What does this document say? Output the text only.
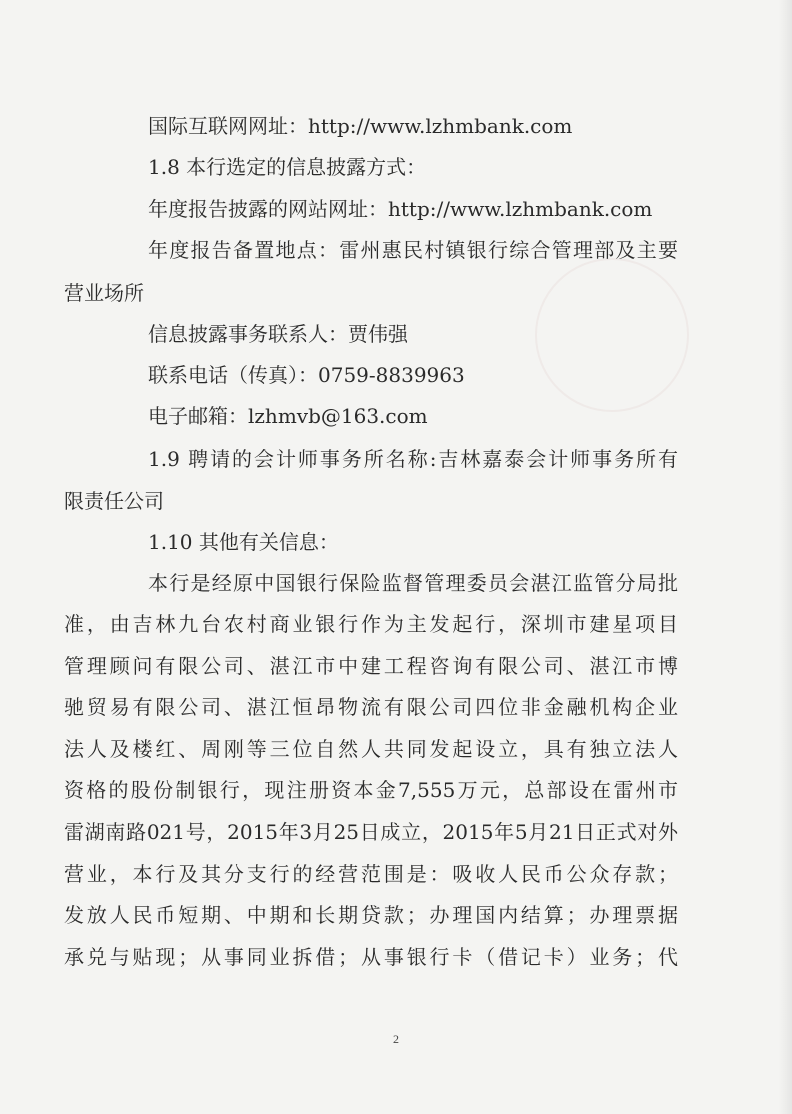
国际互联网网址：http://www.lzhmbank.com
1.8 本行选定的信息披露方式：
年度报告披露的网站网址：http://www.lzhmbank.com
年度报告备置地点：雷州惠民村镇银行综合管理部及主要
营业场所
信息披露事务联系人：贾伟强
联系电话（传真）：0759-8839963
电子邮箱：lzhmvb@163.com
1.9 聘请的会计师事务所名称:吉林嘉泰会计师事务所有
限责任公司
1.10 其他有关信息：
本行是经原中国银行保险监督管理委员会湛江监管分局批
准，由吉林九台农村商业银行作为主发起行，深圳市建星项目
管理顾问有限公司、湛江市中建工程咨询有限公司、湛江市博
驰贸易有限公司、湛江恒昂物流有限公司四位非金融机构企业
法人及楼红、周刚等三位自然人共同发起设立，具有独立法人
资格的股份制银行，现注册资本金7,555万元，总部设在雷州市
雷湖南路021号，2015年3月25日成立，2015年5月21日正式对外
营业，本行及其分支行的经营范围是：吸收人民币公众存款；
发放人民币短期、中期和长期贷款；办理国内结算；办理票据
承兑与贴现；从事同业拆借；从事银行卡（借记卡）业务；代
2
